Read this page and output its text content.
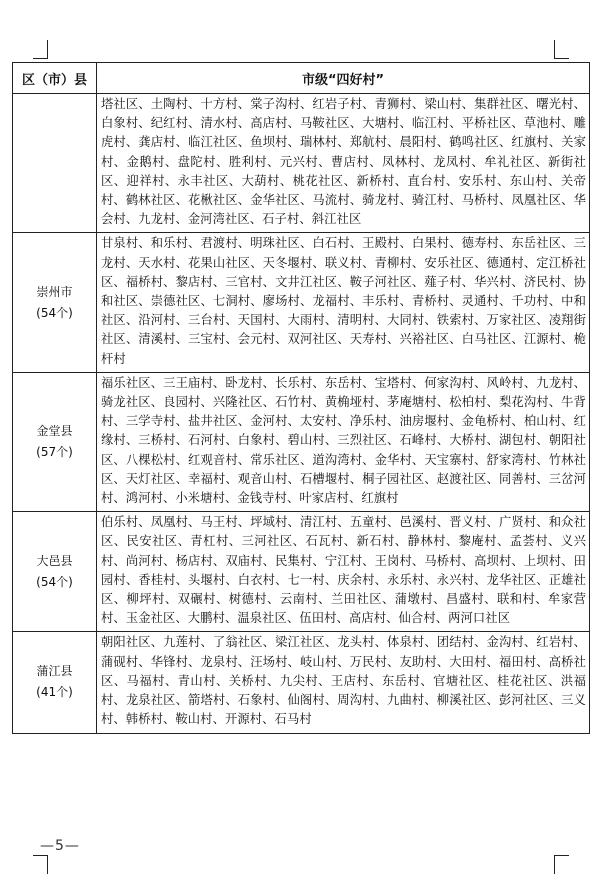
区（市）县	市级“四好村”

	塔社区、土陶村、十方村、棠子沟村、红岩子村、青狮村、梁山村、集群社区、曙光村、白象村、纪红村、清水村、高店村、马鞍社区、大塘村、临江村、平桥社区、草池村、雕虎村、龚店村、临江社区、鱼坝村、瑞林村、郑航村、晨阳村、鹤鸣社区、红旗村、关家村、金鹅村、盘陀村、胜利村、元兴村、曹店村、凤林村、龙凤村、牟礼社区、新街社区、迎祥村、永丰社区、大葫村、桃花社区、新桥村、直台村、安乐村、东山村、关帝村、鹤林社区、花楸社区、金华社区、马流村、骑龙村、骑江村、马桥村、凤凰社区、华会村、九龙村、金河湾社区、石子村、斜江社区

崇州市
(54个)	甘泉村、和乐村、君渡村、明珠社区、白石村、王殿村、白果村、德寿村、东岳社区、三龙村、天水村、花果山社区、天冬堰村、联义村、青柳村、安乐社区、德通村、定江桥社区、福桥村、黎店村、三官村、文井江社区、鞍子河社区、薤子村、华兴村、济民村、协和社区、崇德社区、七洞村、廖场村、龙福村、丰乐村、青桥村、灵通村、千功村、中和社区、沿河村、三台村、天国村、大雨村、清明村、大同村、铁索村、万家社区、凌翔街社区、清溪村、三宝村、会元村、双河社区、天寿村、兴裕社区、白马社区、江源村、桅杆村

金堂县
(57个)	福乐社区、三王庙村、卧龙村、长乐村、东岳村、宝塔村、何家沟村、风岭村、九龙村、骑龙社区、良园村、兴隆社区、石竹村、黄桷垭村、茅庵塘村、松柏村、梨花沟村、牛背村、三学寺村、盐井社区、金河村、太安村、净乐村、油房堰村、金龟桥村、柏山村、红缘村、三桥村、石河村、白象村、碧山村、三烈社区、石峰村、大桥村、湖包村、朝阳社区、八棵松村、红观音村、常乐社区、道沟湾村、金华村、天宝寨村、舒家湾村、竹林社区、天灯社区、幸福村、观音山村、石槽堰村、桐子园社区、赵渡社区、同善村、三岔河村、鸿河村、小米塘村、金钱寺村、叶家店村、红旗村

大邑县
(54个)	伯乐村、凤凰村、马王村、坪域村、清江村、五童村、邑溪村、晋义村、广贤村、和众社区、民安社区、青杠村、三河社区、石瓦村、新石村、静林村、黎庵村、孟荟村、义兴村、尚河村、杨店村、双庙村、民集村、宁江村、王岗村、马桥村、高坝村、上坝村、田园村、香桂村、头堰村、白衣村、七一村、庆余村、永乐村、永兴村、龙华社区、正雄社区、柳坪村、双碾村、树德村、云南村、兰田社区、蒲墩村、昌盛村、联和村、牟家营村、玉金社区、大鹏村、温泉社区、伍田村、高店村、仙合村、两河口社区

蒲江县
(41个)	朝阳社区、九莲村、了翁社区、梁江社区、龙头村、体泉村、团结村、金沟村、红岩村、蒲砚村、华锋村、龙泉村、汪场村、岐山村、万民村、友助村、大田村、福田村、高桥社区、马福村、青山村、关桥村、九尖村、王店村、东岳村、官塘社区、桂花社区、洪福村、龙泉社区、箭塔村、石象村、仙阁村、周沟村、九曲村、柳溪社区、彭河社区、三义村、韩桥村、鞍山村、开源村、石马村
—5—
